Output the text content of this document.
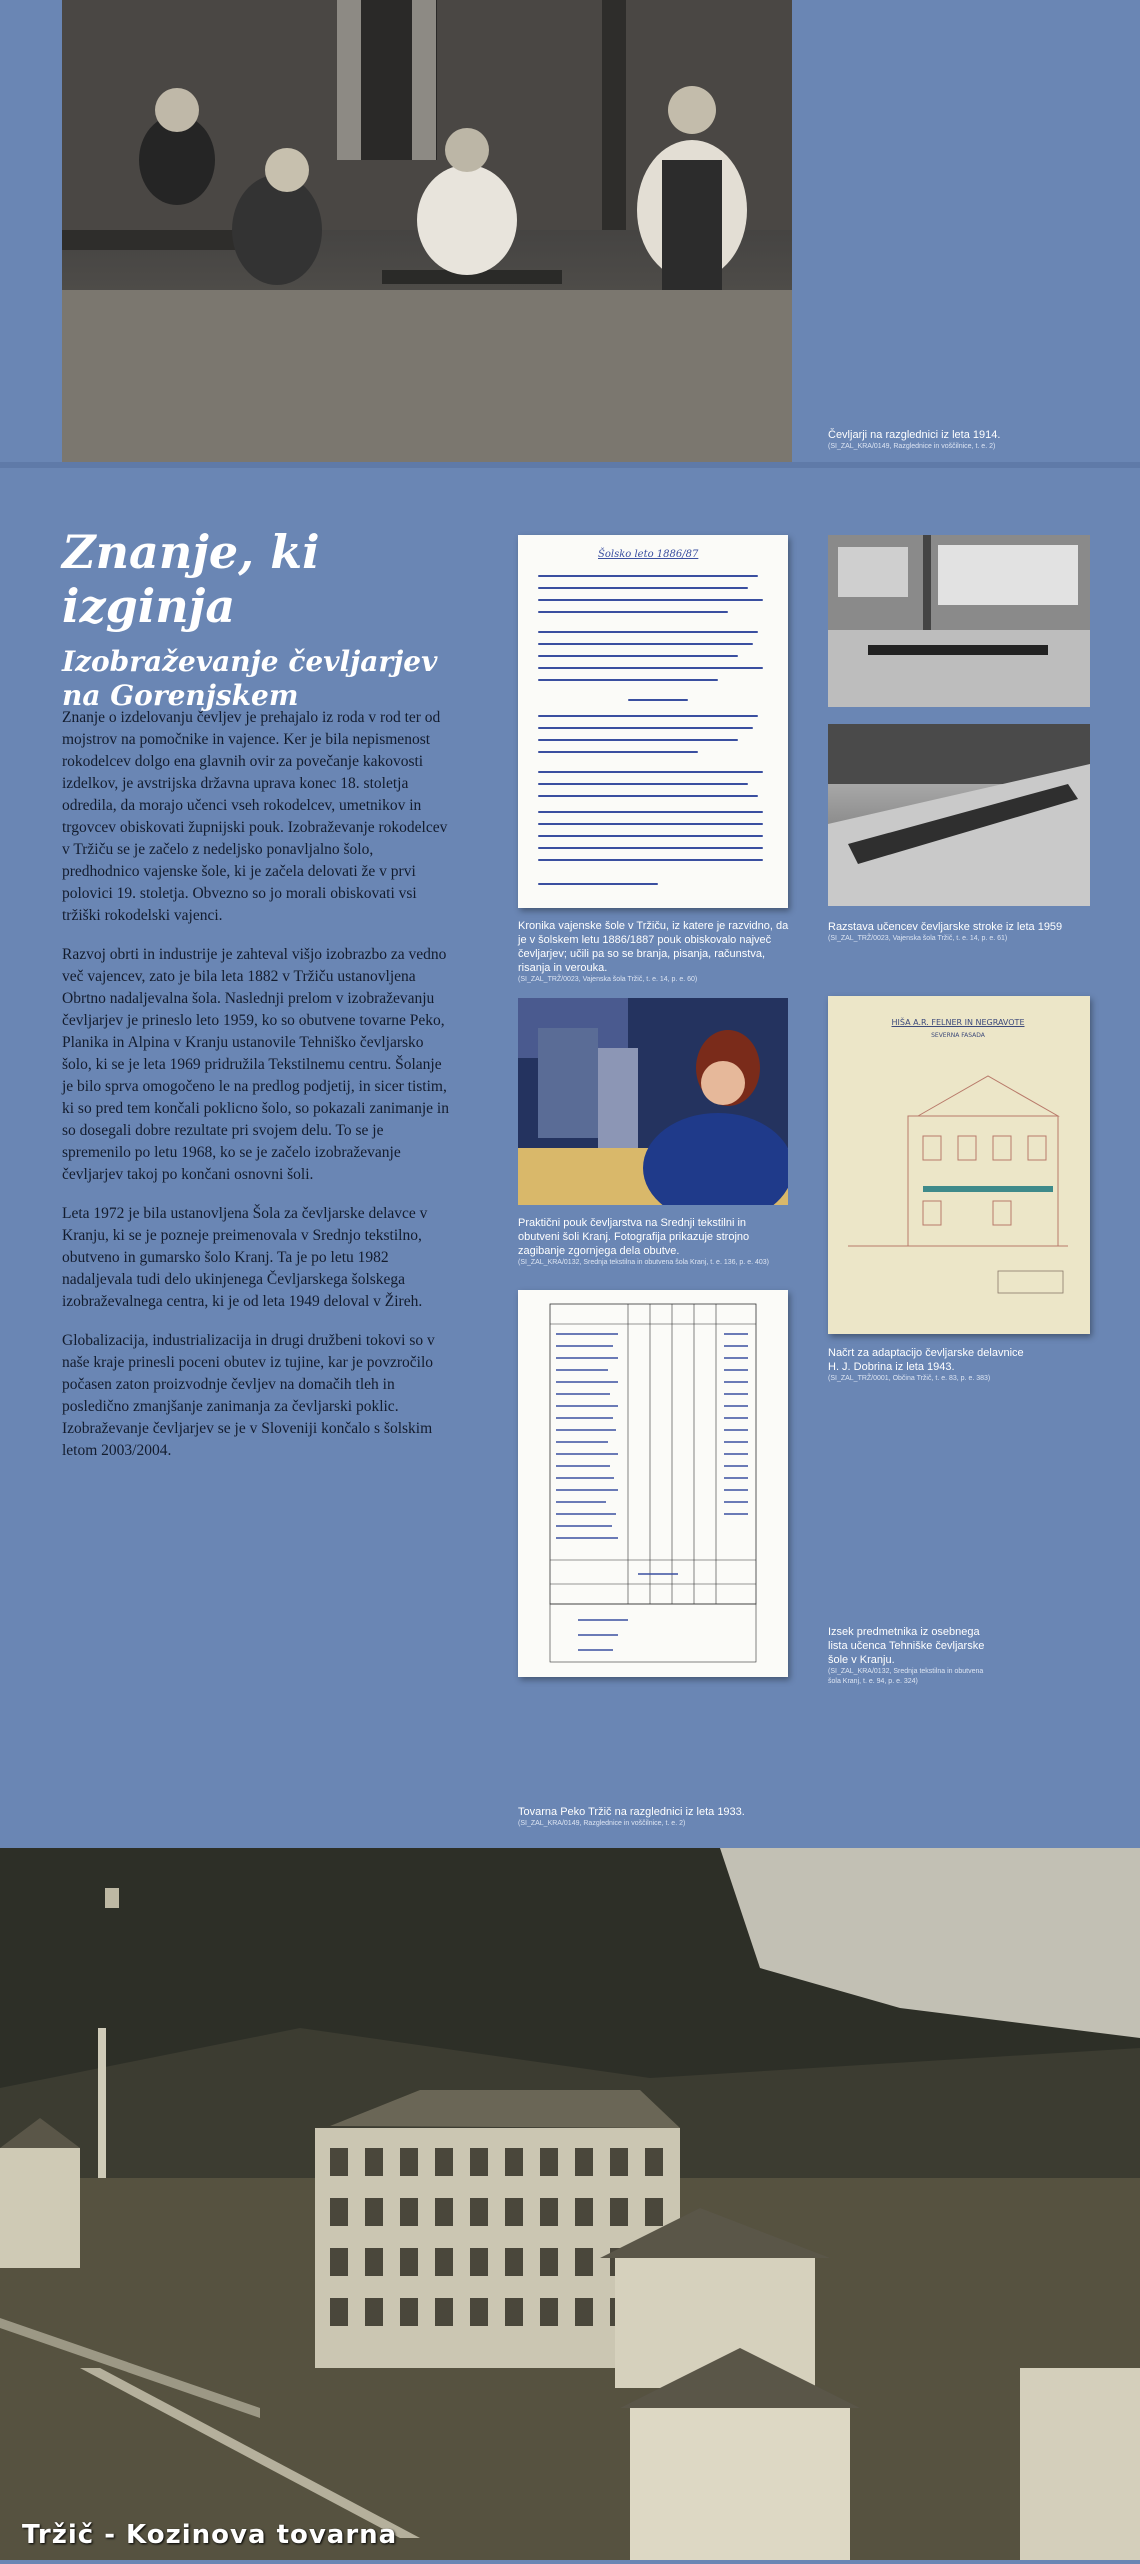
Čevljarji na razglednici iz leta 1914.
(SI_ZAL_KRA/0149, Razglednice in voščilnice, t. e. 2)
Znanje, ki izginja
Izobraževanje čevljarjev
na Gorenjskem

Znanje o izdelovanju čevljev je prehajalo iz roda v rod ter od mojstrov na pomočnike in vajence. Ker je bila nepismenost rokodelcev dolgo ena glavnih ovir za povečanje kakovosti izdelkov, je avstrijska državna uprava konec 18. stoletja odredila, da morajo učenci vseh rokodelcev, umetnikov in trgovcev obiskovati župnijski pouk. Izobraževanje rokodelcev v Tržiču se je začelo z nedeljsko ponavljalno šolo, predhodnico vajenske šole, ki je začela delovati že v prvi polovici 19. stoletja. Obvezno so jo morali obiskovati vsi tržiški rokodelski vajenci.

Razvoj obrti in industrije je zahteval višjo izobrazbo za vedno več vajencev, zato je bila leta 1882 v Tržiču ustanovljena Obrtno nadaljevalna šola. Naslednji prelom v izobraževanju čevljarjev je prineslo leto 1959, ko so obutvene tovarne Peko, Planika in Alpina v Kranju ustanovile Tehniško čevljarsko šolo, ki se je leta 1969 pridružila Tekstilnemu centru. Šolanje je bilo sprva omogočeno le na predlog podjetij, in sicer tistim, ki so pred tem končali poklicno šolo, so pokazali zanimanje in so dosegali dobre rezultate pri svojem delu. To se je spremenilo po letu 1968, ko se je začelo izobraževanje čevljarjev takoj po končani osnovni šoli.

Leta 1972 je bila ustanovljena Šola za čevljarske delavce v Kranju, ki se je pozneje preimenovala v Srednjo tekstilno, obutveno in gumarsko šolo Kranj. Ta je po letu 1982 nadaljevala tudi delo ukinjenega Čevljarskega šolskega izobraževalnega centra, ki je od leta 1949 deloval v Žireh.

Globalizacija, industrializacija in drugi družbeni tokovi so v naše kraje prinesli poceni obutev iz tujine, kar je povzročilo počasen zaton proizvodnje čevljev na domačih tleh in posledično zmanjšanje zanimanja za čevljarski poklic. Izobraževanje čevljarjev se je v Sloveniji končalo s šolskim letom 2003/2004.

Šolsko leto 1886/87
Kronika vajenske šole v Tržiču, iz katere je razvidno, da je v šolskem letu 1886/1887 pouk obiskovalo največ čevljarjev; učili pa so se branja, pisanja, računstva, risanja in verouka.
(SI_ZAL_TRŽ/0023, Vajenska šola Tržič, t. e. 14, p. e. 60)
Razstava učencev čevljarske stroke iz leta 1959
(SI_ZAL_TRŽ/0023, Vajenska šola Tržič, t. e. 14, p. e. 61)
Praktični pouk čevljarstva na Srednji tekstilni in obutveni šoli Kranj. Fotografija prikazuje strojno zagibanje zgornjega dela obutve.
(SI_ZAL_KRA/0132, Srednja tekstilna in obutvena šola Kranj, t. e. 136, p. e. 403)
HIŠA A.R. FELNER IN NEGRAVOTE
SEVERNA FASADA
Načrt za adaptacijo čevljarske delavnice H. J. Dobrina iz leta 1943.
(SI_ZAL_TRŽ/0001, Občina Tržič, t. e. 83, p. e. 383)
Izsek predmetnika iz osebnega lista učenca Tehniške čevljarske šole v Kranju.
(SI_ZAL_KRA/0132, Srednja tekstilna in obutvena šola Kranj, t. e. 94, p. e. 324)
Tovarna Peko Tržič na razglednici iz leta 1933.
(SI_ZAL_KRA/0149, Razglednice in voščilnice, t. e. 2)
Tržič - Kozinova tovarna
